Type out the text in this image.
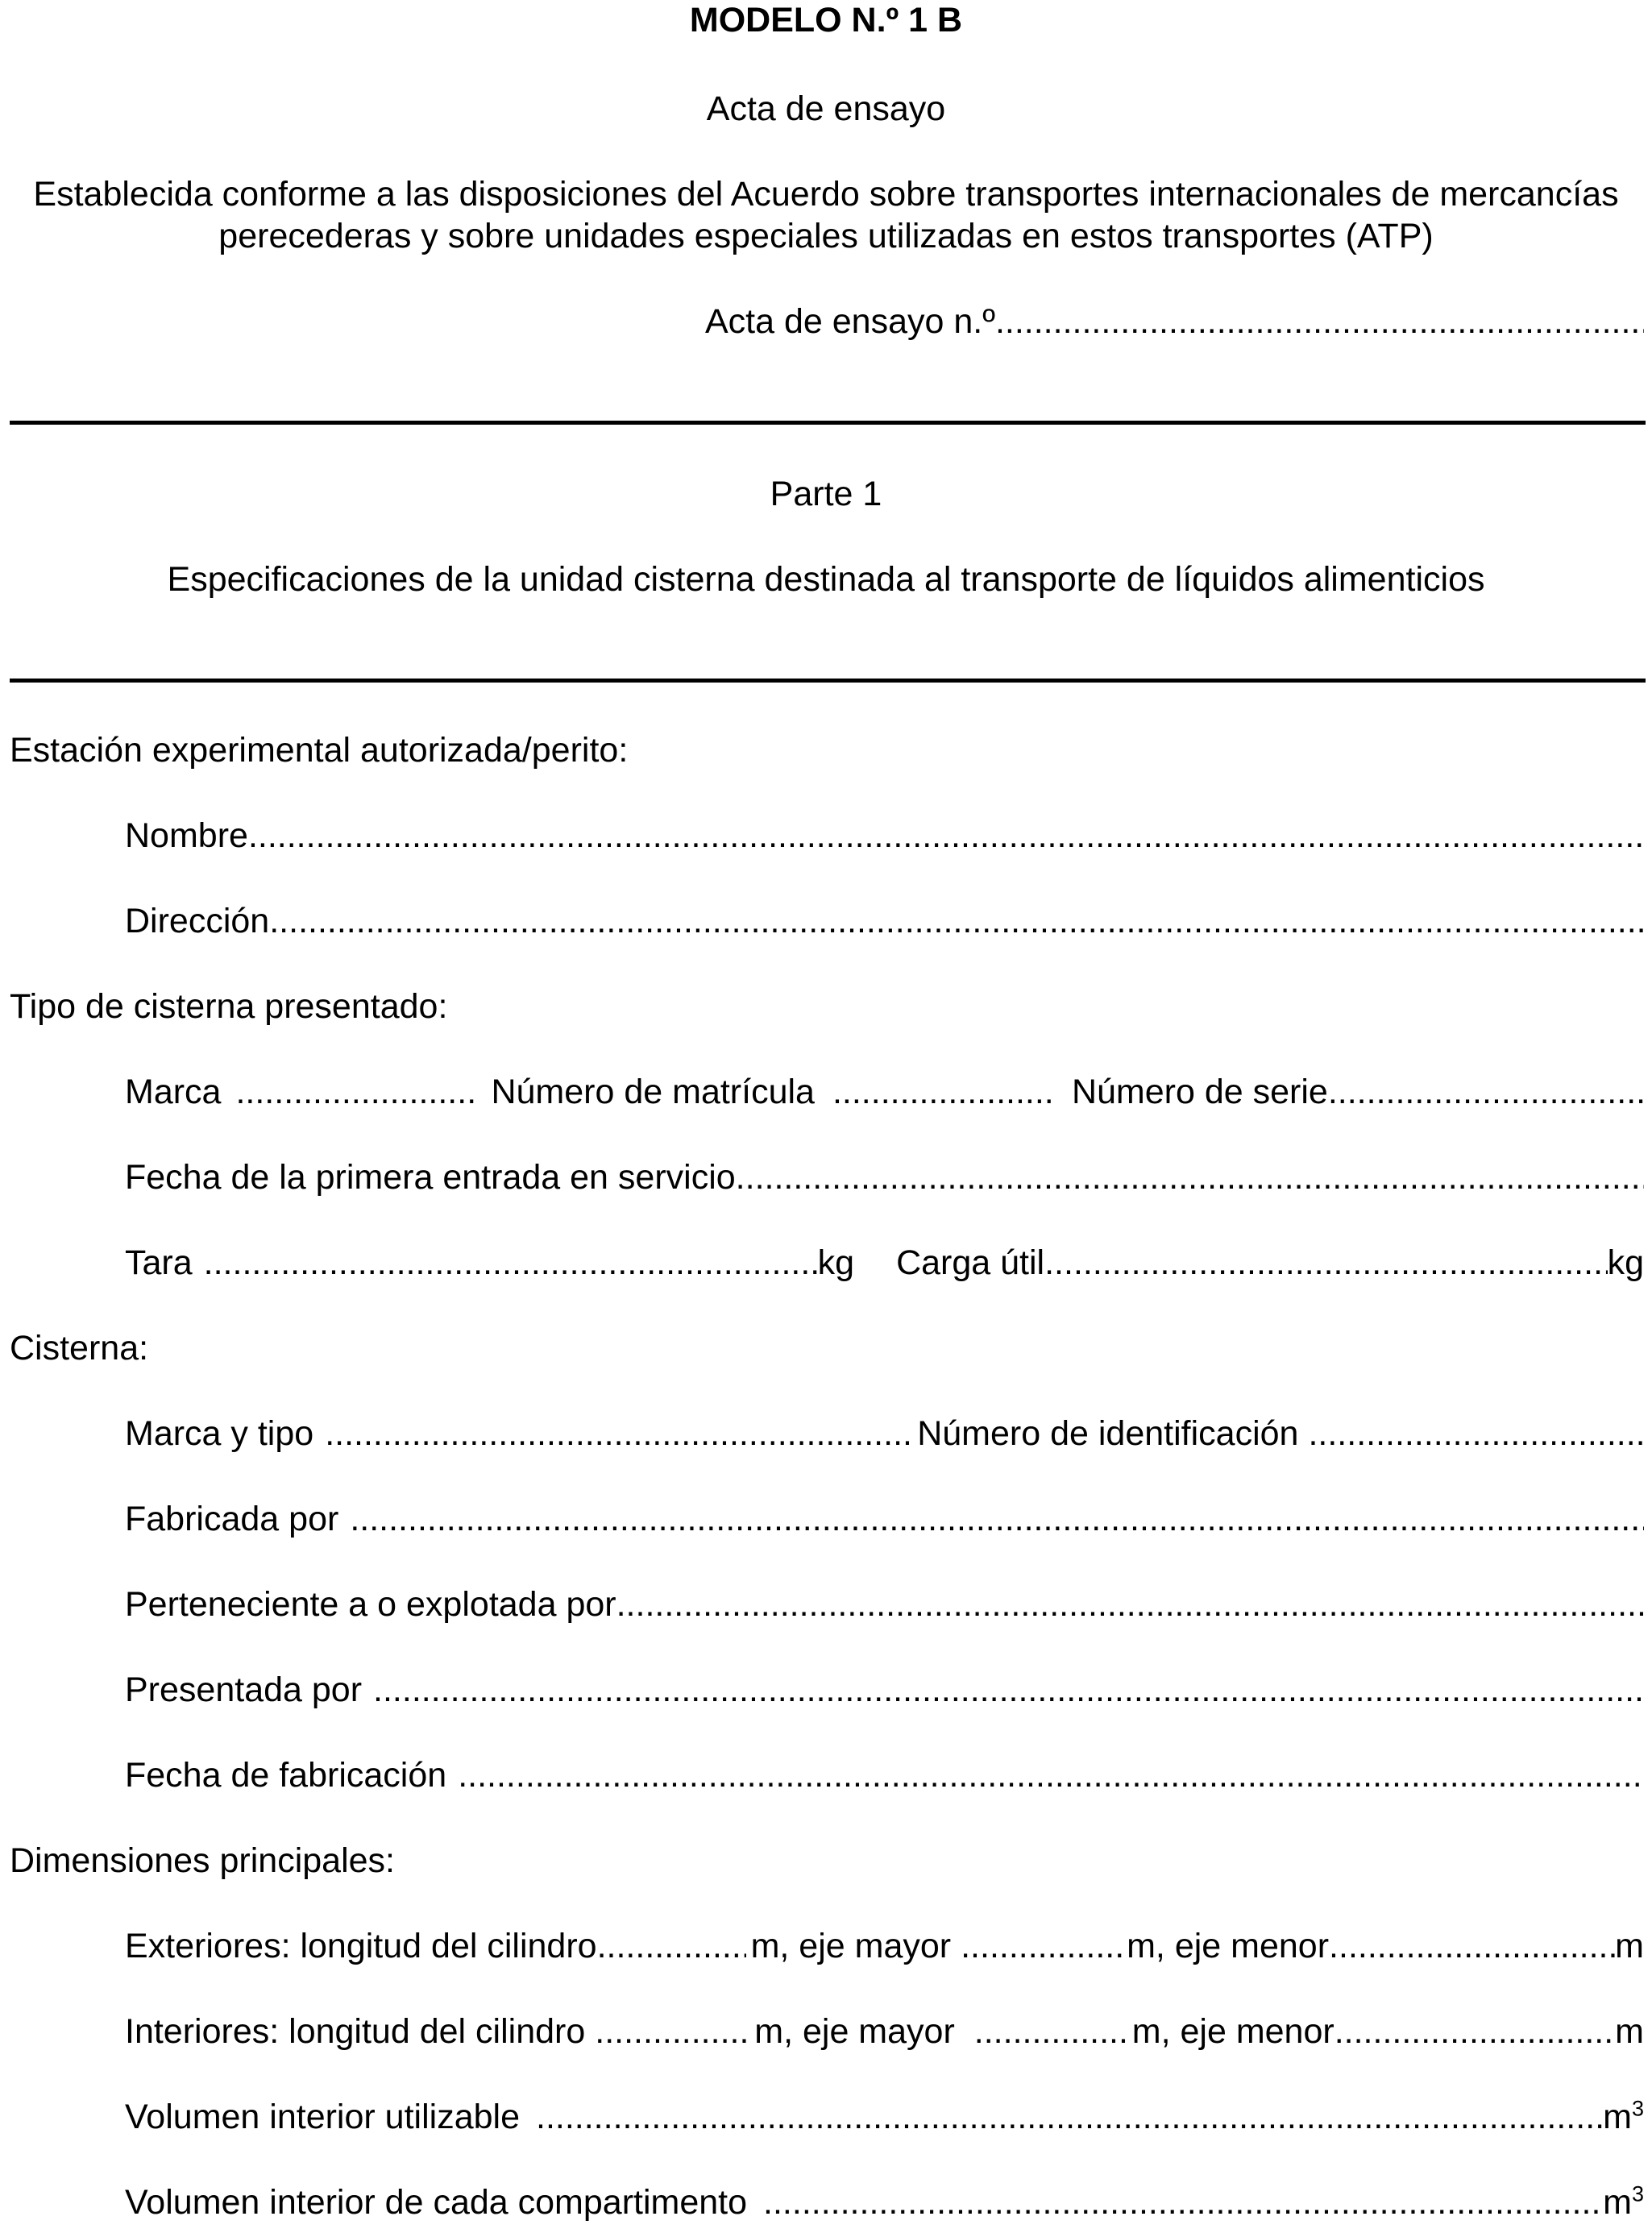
MODELO N.º 1 B
Acta de ensayo
Establecida conforme a las disposiciones del Acuerdo sobre transportes internacionales de mercancías
perecederas y sobre unidades especiales utilizadas en estos transportes (ATP)
Acta de ensayo n.º
.....
Parte 1
Especificaciones de la unidad cisterna destinada al transporte de líquidos alimenticios
Estación experimental autorizada/perito:
Nombre
.....
Dirección
.....
Tipo de cisterna presentado:
Marca .....	Número de matrícula .....	Número de serie
.....
Fecha de la primera entrada en servicio
.....
Tara .....	kg Carga útil .....	kg
Cisterna:
Marca y tipo .....	Número de identificación
.....
Fabricada por
.....
Perteneciente a o explotada por
.....
Presentada por
.....
Fecha de fabricación
.....
Dimensiones principales:
Exteriores: longitud del cilindro .....	m, eje mayor .....	m, eje menor .....	m
Interiores: longitud del cilindro .....	m, eje mayor .....	m, eje menor .....	m
Volumen interior utilizable .....	$m^3$
Volumen interior de cada compartimento .....	$m^3$
